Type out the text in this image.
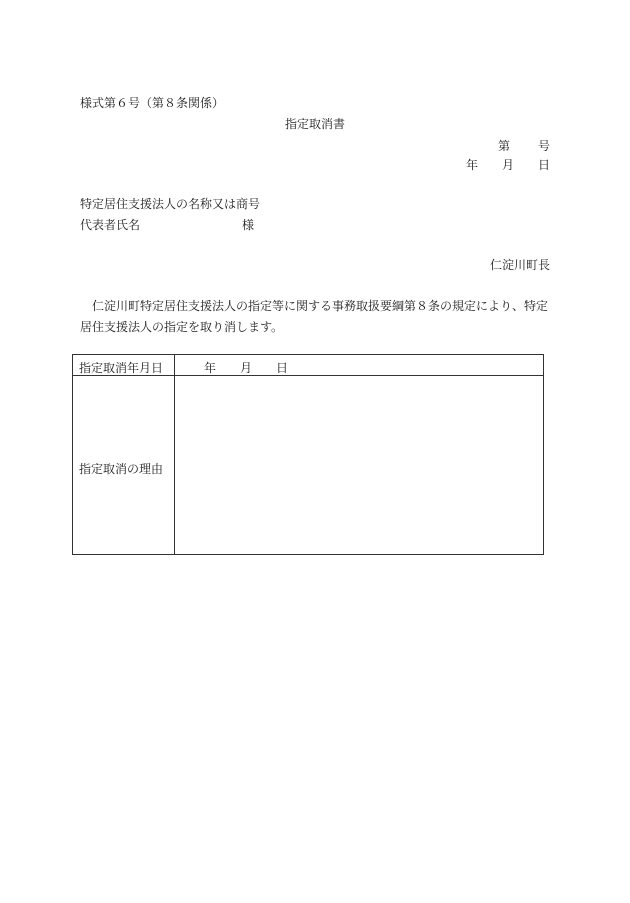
様式第６号（第８条関係）
指定取消書
第 号
年 月 日
特定居住支援法人の名称又は商号
代表者氏名	様
仁淀川町長
仁淀川町特定居住支援法人の指定等に関する事務取扱要綱第８条の規定により、特定居住支援法人の指定を取り消します。
指定取消年月日	年　　月　　日
指定取消の理由
